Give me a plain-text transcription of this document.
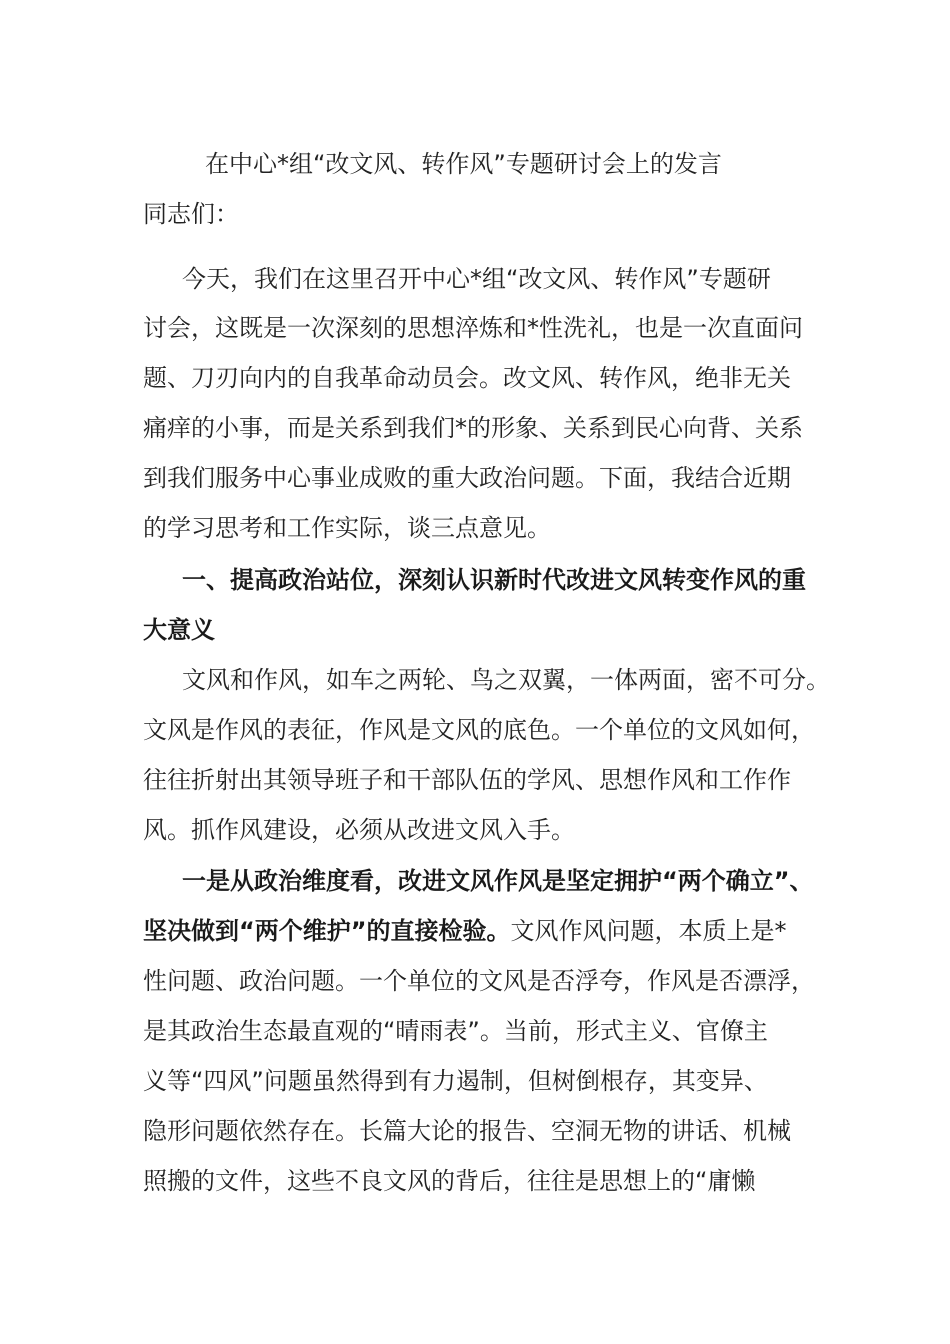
在中心*组“改文风、转作风”专题研讨会上的发言
同志们：
今天，我们在这里召开中心*组“改文风、转作风”专题研
讨会，这既是一次深刻的思想淬炼和*性洗礼，也是一次直面问
题、刀刃向内的自我革命动员会。改文风、转作风，绝非无关
痛痒的小事，而是关系到我们*的形象、关系到民心向背、关系
到我们服务中心事业成败的重大政治问题。下面，我结合近期
的学习思考和工作实际，谈三点意见。
一、提高政治站位，深刻认识新时代改进文风转变作风的重
大意义
文风和作风，如车之两轮、鸟之双翼，一体两面，密不可分。
文风是作风的表征，作风是文风的底色。一个单位的文风如何，
往往折射出其领导班子和干部队伍的学风、思想作风和工作作
风。抓作风建设，必须从改进文风入手。
一是从政治维度看，改进文风作风是坚定拥护“两个确立”、
坚决做到“两个维护”的直接检验。文风作风问题，本质上是*
性问题、政治问题。一个单位的文风是否浮夸，作风是否漂浮，
是其政治生态最直观的“晴雨表”。当前，形式主义、官僚主
义等“四风”问题虽然得到有力遏制，但树倒根存，其变异、
隐形问题依然存在。长篇大论的报告、空洞无物的讲话、机械
照搬的文件，这些不良文风的背后，往往是思想上的“庸懒
